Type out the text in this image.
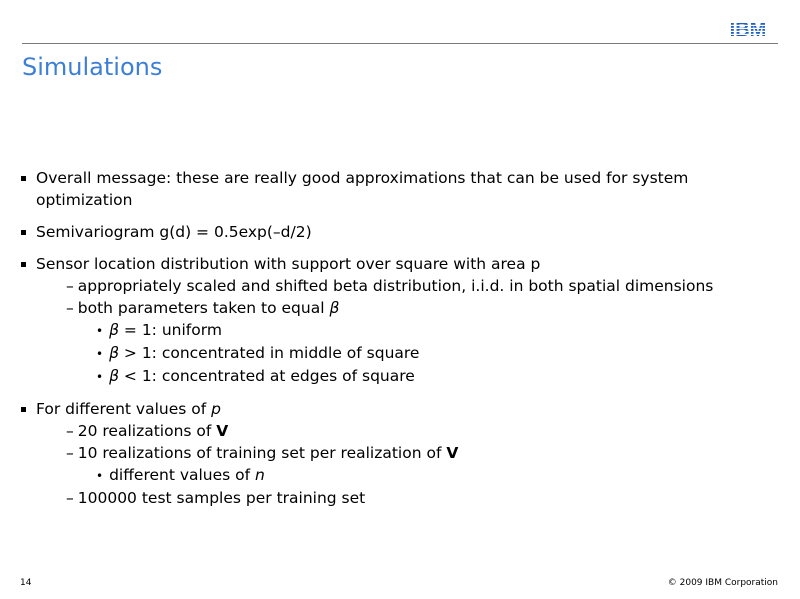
IBM
Simulations
Overall message: these are really good approximations that can be used for system optimization
Semivariogram g(d) = 0.5exp(–d/2)
Sensor location distribution with support over square with area p
– appropriately scaled and shifted beta distribution, i.i.d. in both spatial dimensions
– both parameters taken to equal β
• β = 1: uniform
• β > 1: concentrated in middle of square
• β < 1: concentrated at edges of square
For different values of p
– 20 realizations of V
– 10 realizations of training set per realization of V
• different values of n
– 100000 test samples per training set
14	© 2009 IBM Corporation
